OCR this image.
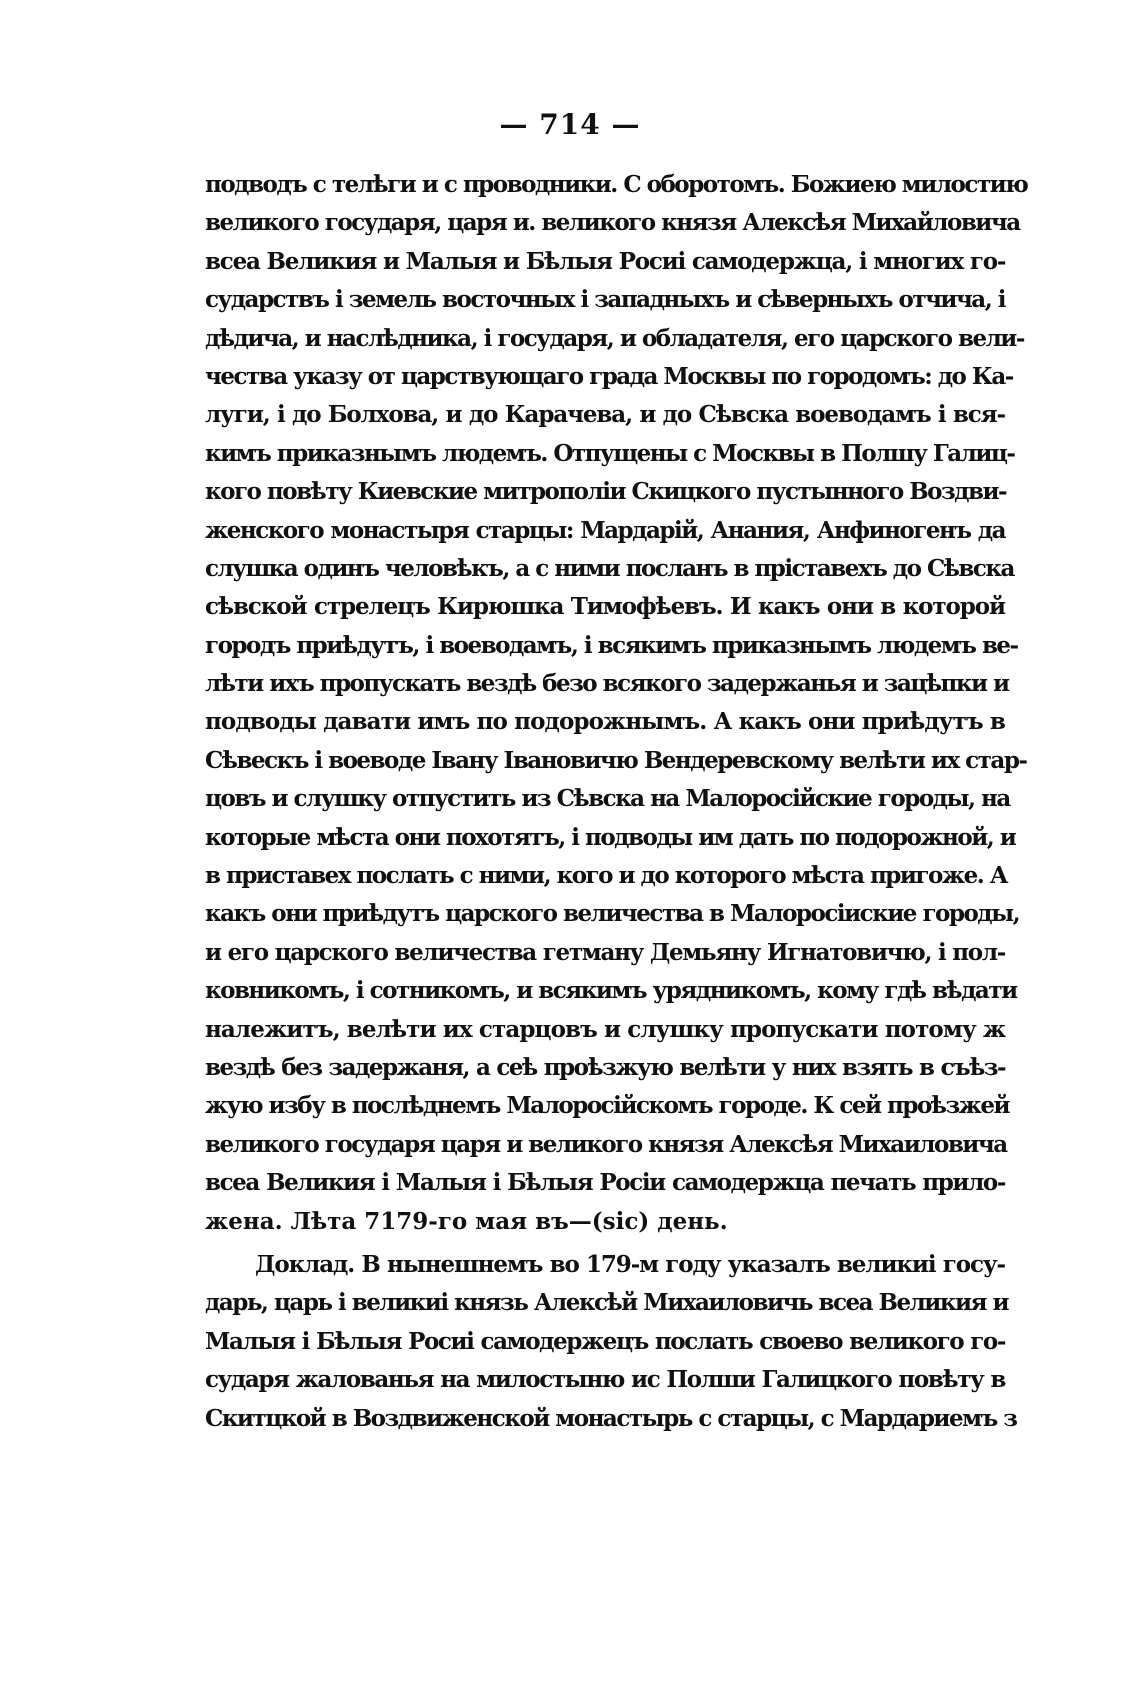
— 714 —
подводъ с телѣги и с проводники. С оборотомъ. Божиею милостию
великого государя, царя и. великого князя Алексѣя Михайловича
всеа Великия и Малыя и Бѣлыя Росиі самодержца, і многих го-
сударствъ і земель восточных і западныхъ и сѣверныхъ отчича, і
дѣдича, и наслѣдника, і государя, и обладателя, его царского вели-
чества указу от царствующаго града Москвы по городомъ: до Ка-
луги, і до Болхова, и до Карачева, и до Сѣвска воеводамъ і вся-
кимъ приказнымъ людемъ. Отпущены с Москвы в Полшу Галиц-
кого повѣту Киевские митрополіи Скицкого пустынного Воздви-
женского монастыря старцы: Мардарій, Анания, Анфиногенъ да
слушка одинъ человѣкъ, а с ними посланъ в пріставехъ до Сѣвска
сѣвской стрелецъ Кирюшка Тимофѣевъ. И какъ они в которой
городъ приѣдутъ, і воеводамъ, і всякимъ приказнымъ людемъ ве-
лѣти ихъ пропускать вездѣ безо всякого задержанья и зацѣпки и
подводы давати имъ по подорожнымъ. А какъ они приѣдутъ в
Сѣвескъ і воеводе Івану Івановичю Вендеревскому велѣти их стар-
цовъ и слушку отпустить из Сѣвска на Малоросійские городы, на
которые мѣста они похотятъ, і подводы им дать по подорожной, и
в приставех послать с ними, кого и до которого мѣста пригоже. А
какъ они приѣдутъ царского величества в Малоросіиские городы,
и его царского величества гетману Демьяну Игнатовичю, і пол-
ковникомъ, і сотникомъ, и всякимъ урядникомъ, кому гдѣ вѣдати
належитъ, велѣти их старцовъ и слушку пропускати потому ж
вездѣ без задержаня, а сеѣ проѣзжую велѣти у них взять в съѣз-
жую избу в послѣднемъ Малоросійскомъ городе. К сей проѣзжей
великого государя царя и великого князя Алексѣя Михаиловича
всеа Великия і Малыя і Бѣлыя Росіи самодержца печать прило-
жена. Лѣта 7179-го мая въ—(sic) день.
Доклад. В нынешнемъ во 179-м году указалъ великиі госу-
дарь, царь і великиі князь Алексѣй Михаиловичь всеа Великия и
Малыя і Бѣлыя Росиі самодержецъ послать своево великого го-
сударя жалованья на милостыню ис Полши Галицкого повѣту в
Скитцкой в Воздвиженской монастырь с старцы, с Мардариемъ з
